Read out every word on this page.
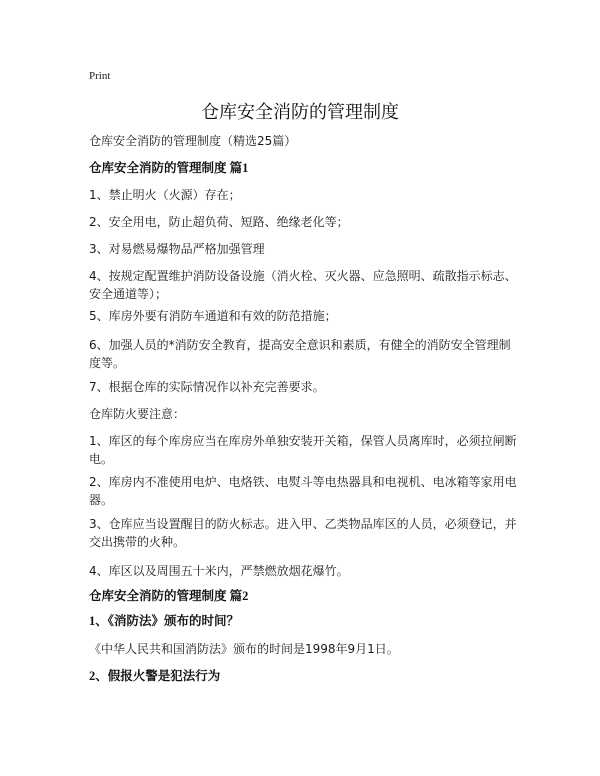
Print
仓库安全消防的管理制度

仓库安全消防的管理制度（精选25篇）

仓库安全消防的管理制度 篇1

1、禁止明火（火源）存在；

2、安全用电，防止超负荷、短路、绝缘老化等；

3、对易燃易爆物品严格加强管理

4、按规定配置维护消防设备设施（消火栓、灭火器、应急照明、疏散指示标志、安全通道等）；

5、库房外要有消防车通道和有效的防范措施；

6、加强人员的*消防安全教育，提高安全意识和素质，有健全的消防安全管理制度等。

7、根据仓库的实际情况作以补充完善要求。

仓库防火要注意：

1、库区的每个库房应当在库房外单独安装开关箱，保管人员离库时，必须拉闸断电。

2、库房内不准使用电炉、电烙铁、电熨斗等电热器具和电视机、电冰箱等家用电器。

3、仓库应当设置醒目的防火标志。进入甲、乙类物品库区的人员，必须登记，并交出携带的火种。

4、库区以及周围五十米内，严禁燃放烟花爆竹。

仓库安全消防的管理制度 篇2

1、《消防法》颁布的时间？

《中华人民共和国消防法》颁布的时间是1998年9月1日。

2、假报火警是犯法行为
